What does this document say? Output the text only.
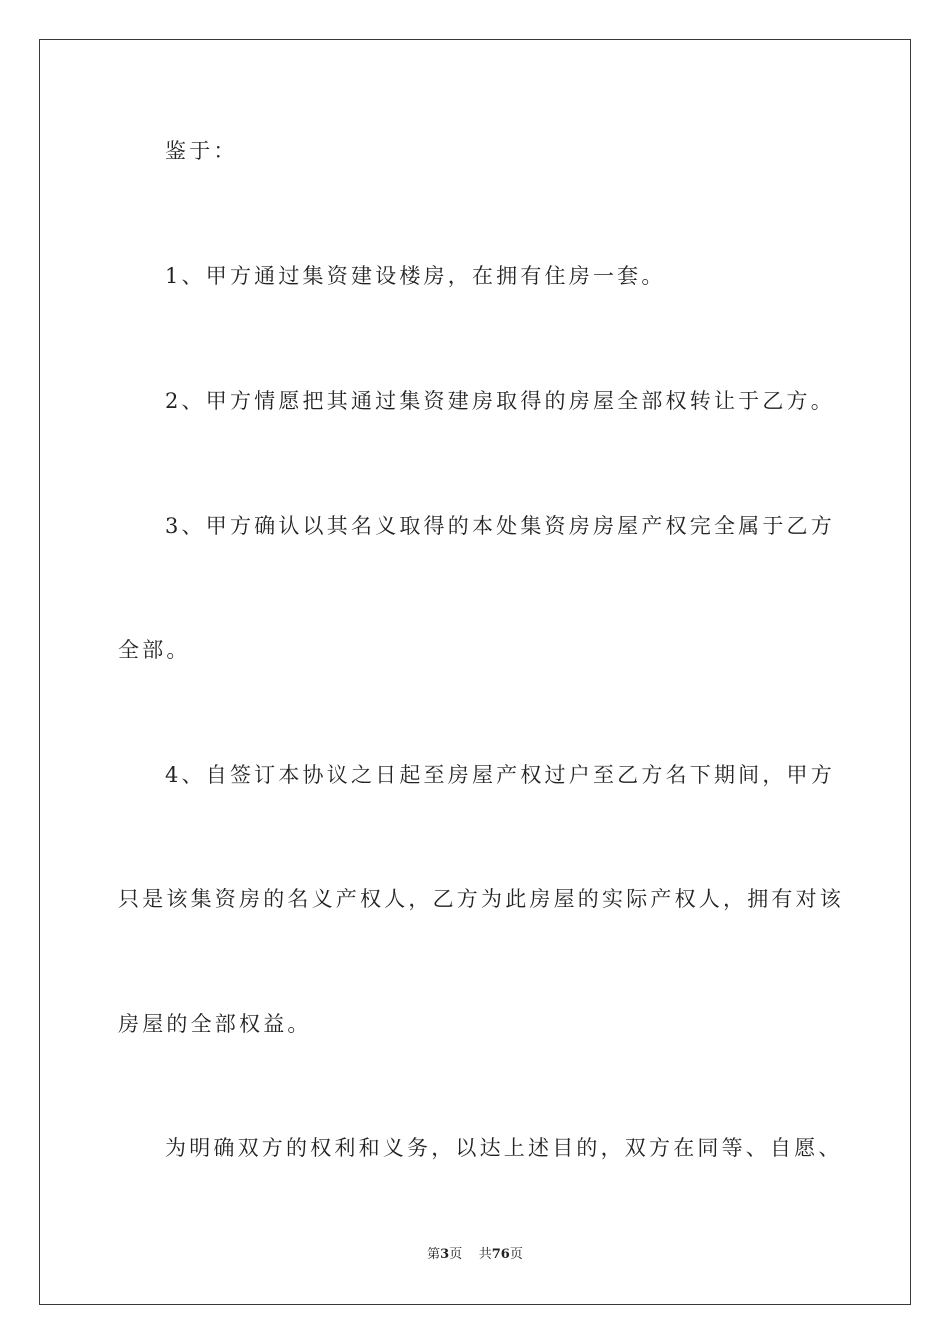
鉴于：
1、甲方通过集资建设楼房，在拥有住房一套。
2、甲方情愿把其通过集资建房取得的房屋全部权转让于乙方。
3、甲方确认以其名义取得的本处集资房房屋产权完全属于乙方
全部。
4、自签订本协议之日起至房屋产权过户至乙方名下期间，甲方
只是该集资房的名义产权人，乙方为此房屋的实际产权人，拥有对该
房屋的全部权益。
为明确双方的权利和义务，以达上述目的，双方在同等、自愿、
第3页 共76页
